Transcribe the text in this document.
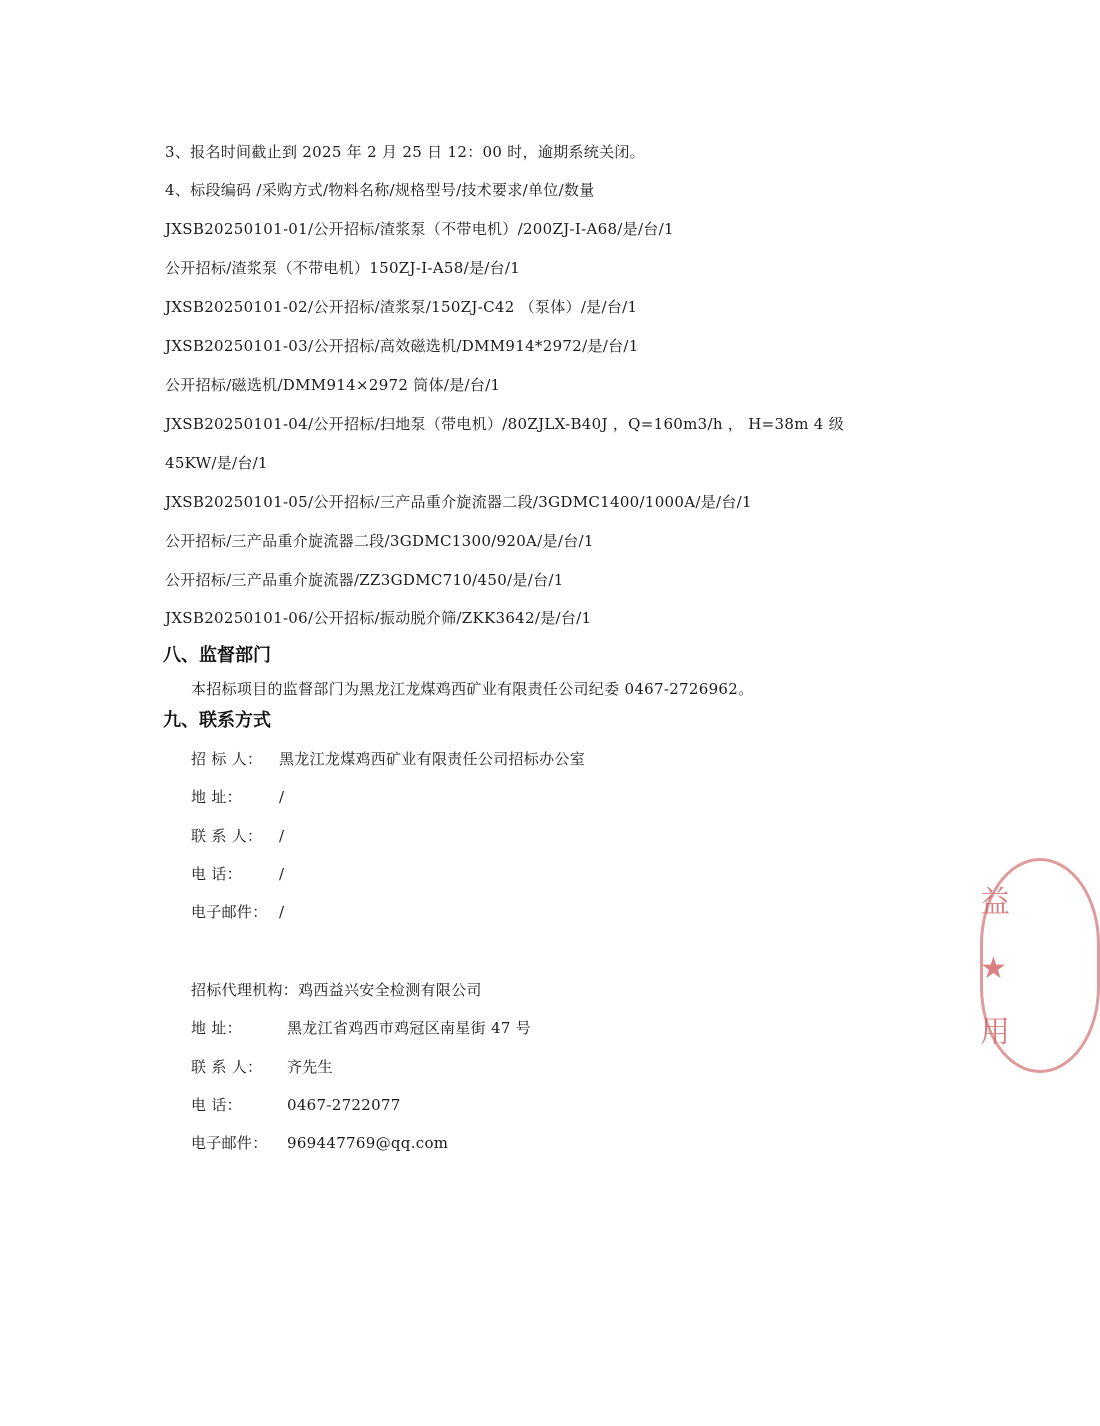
3、报名时间截止到 2025 年 2 月 25 日 12：00 时，逾期系统关闭。

4、标段编码 /采购方式/物料名称/规格型号/技术要求/单位/数量

JXSB20250101-01/公开招标/渣浆泵（不带电机）/200ZJ-I-A68/是/台/1

公开招标/渣浆泵（不带电机）150ZJ-I-A58/是/台/1

JXSB20250101-02/公开招标/渣浆泵/150ZJ-C42 （泵体）/是/台/1

JXSB20250101-03/公开招标/高效磁选机/DMM914*2972/是/台/1

公开招标/磁选机/DMM914×2972 筒体/是/台/1

JXSB20250101-04/公开招标/扫地泵（带电机）/80ZJLX-B40J ，Q=160m3/h ， H=38m 4 级

45KW/是/台/1

JXSB20250101-05/公开招标/三产品重介旋流器二段/3GDMC1400/1000A/是/台/1

公开招标/三产品重介旋流器二段/3GDMC1300/920A/是/台/1

公开招标/三产品重介旋流器/ZZ3GDMC710/450/是/台/1

JXSB20250101-06/公开招标/振动脱介筛/ZKK3642/是/台/1

八、监督部门

本招标项目的监督部门为黑龙江龙煤鸡西矿业有限责任公司纪委 0467-2726962。

九、联系方式

招 标 人： 黑龙江龙煤鸡西矿业有限责任公司招标办公室

地 址： /

联 系 人： /

电 话： /

电子邮件： /

招标代理机构：鸡西益兴安全检测有限公司

地 址：	黑龙江省鸡西市鸡冠区南星街 47 号

联 系 人： 齐先生

电 话：	0467-2722077

电子邮件： 969447769@qq.com

益
★
用
